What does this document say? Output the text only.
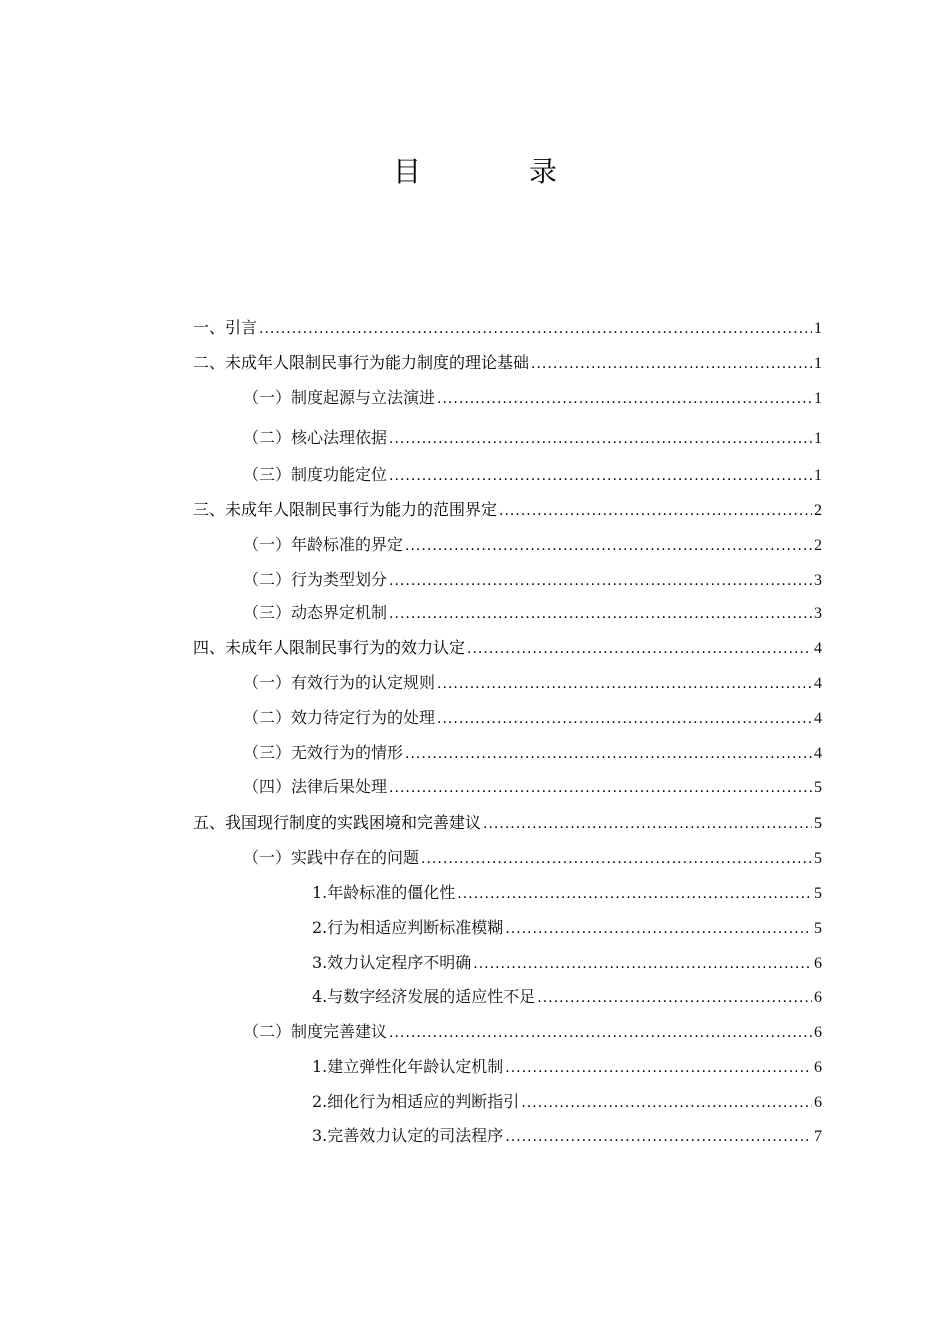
目　录
一、引言 .....	1
二、未成年人限制民事行为能力制度的理论基础 .....	1
（一）制度起源与立法演进 .....	1
（二）核心法理依据 .....	1
（三）制度功能定位 .....	1
三、未成年人限制民事行为能力的范围界定 .....	2
（一）年龄标准的界定 .....	2
（二）行为类型划分 .....	3
（三）动态界定机制 .....	3
四、未成年人限制民事行为的效力认定 .....	4
（一）有效行为的认定规则 .....	4
（二）效力待定行为的处理 .....	4
（三）无效行为的情形 .....	4
（四）法律后果处理 .....	5
五、我国现行制度的实践困境和完善建议 .....	5
（一）实践中存在的问题 .....	5
1.年龄标准的僵化性 .....	5
2.行为相适应判断标准模糊 .....	5
3.效力认定程序不明确 .....	6
4.与数字经济发展的适应性不足 .....	6
（二）制度完善建议 .....	6
1.建立弹性化年龄认定机制 .....	6
2.细化行为相适应的判断指引 .....	6
3.完善效力认定的司法程序 .....	7
